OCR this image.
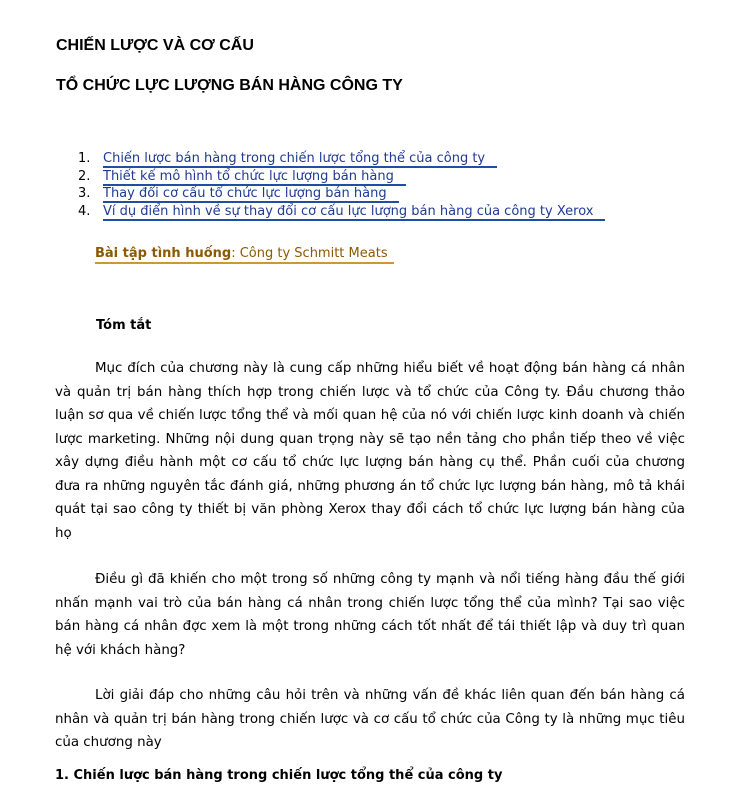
CHIẾN LƯỢC VÀ CƠ CẤU
TỔ CHỨC LỰC LƯỢNG BÁN HÀNG CÔNG TY
1. Chiến lược bán hàng trong chiến lược tổng thể của công ty
2. Thiết kế mô hình tổ chức lực lượng bán hàng
3. Thay đổi cơ cấu tổ chức lực lượng bán hàng
4. Ví dụ điển hình về sự thay đổi cơ cấu lực lượng bán hàng của công ty Xerox
Bài tập tình huống: Công ty Schmitt Meats
Tóm tắt

Mục đích của chương này là cung cấp những hiểu biết về hoạt động bán hàng cá nhân và quản trị bán hàng thích hợp trong chiến lược và tổ chức của Công ty. Đầu chương thảo luận sơ qua về chiến lược tổng thể và mối quan hệ của nó với chiến lược kinh doanh và chiến lược marketing. Những nội dung quan trọng này sẽ tạo nền tảng cho phần tiếp theo về việc xây dựng điều hành một cơ cấu tổ chức lực lượng bán hàng cụ thể. Phần cuối của chương đưa ra những nguyên tắc đánh giá, những phương án tổ chức lực lượng bán hàng, mô tả khái quát tại sao công ty thiết bị văn phòng Xerox thay đổi cách tổ chức lực lượng bán hàng của họ

Điều gì đã khiến cho một trong số những công ty mạnh và nổi tiếng hàng đầu thế giới nhấn mạnh vai trò của bán hàng cá nhân trong chiến lược tổng thể của mình? Tại sao việc bán hàng cá nhân đợc xem là một trong những cách tốt nhất để tái thiết lập và duy trì quan hệ với khách hàng?

Lời giải đáp cho những câu hỏi trên và những vấn đề khác liên quan đến bán hàng cá nhân và quản trị bán hàng trong chiến lược và cơ cấu tổ chức của Công ty là những mục tiêu của chương này

1. Chiến lược bán hàng trong chiến lược tổng thể của công ty
